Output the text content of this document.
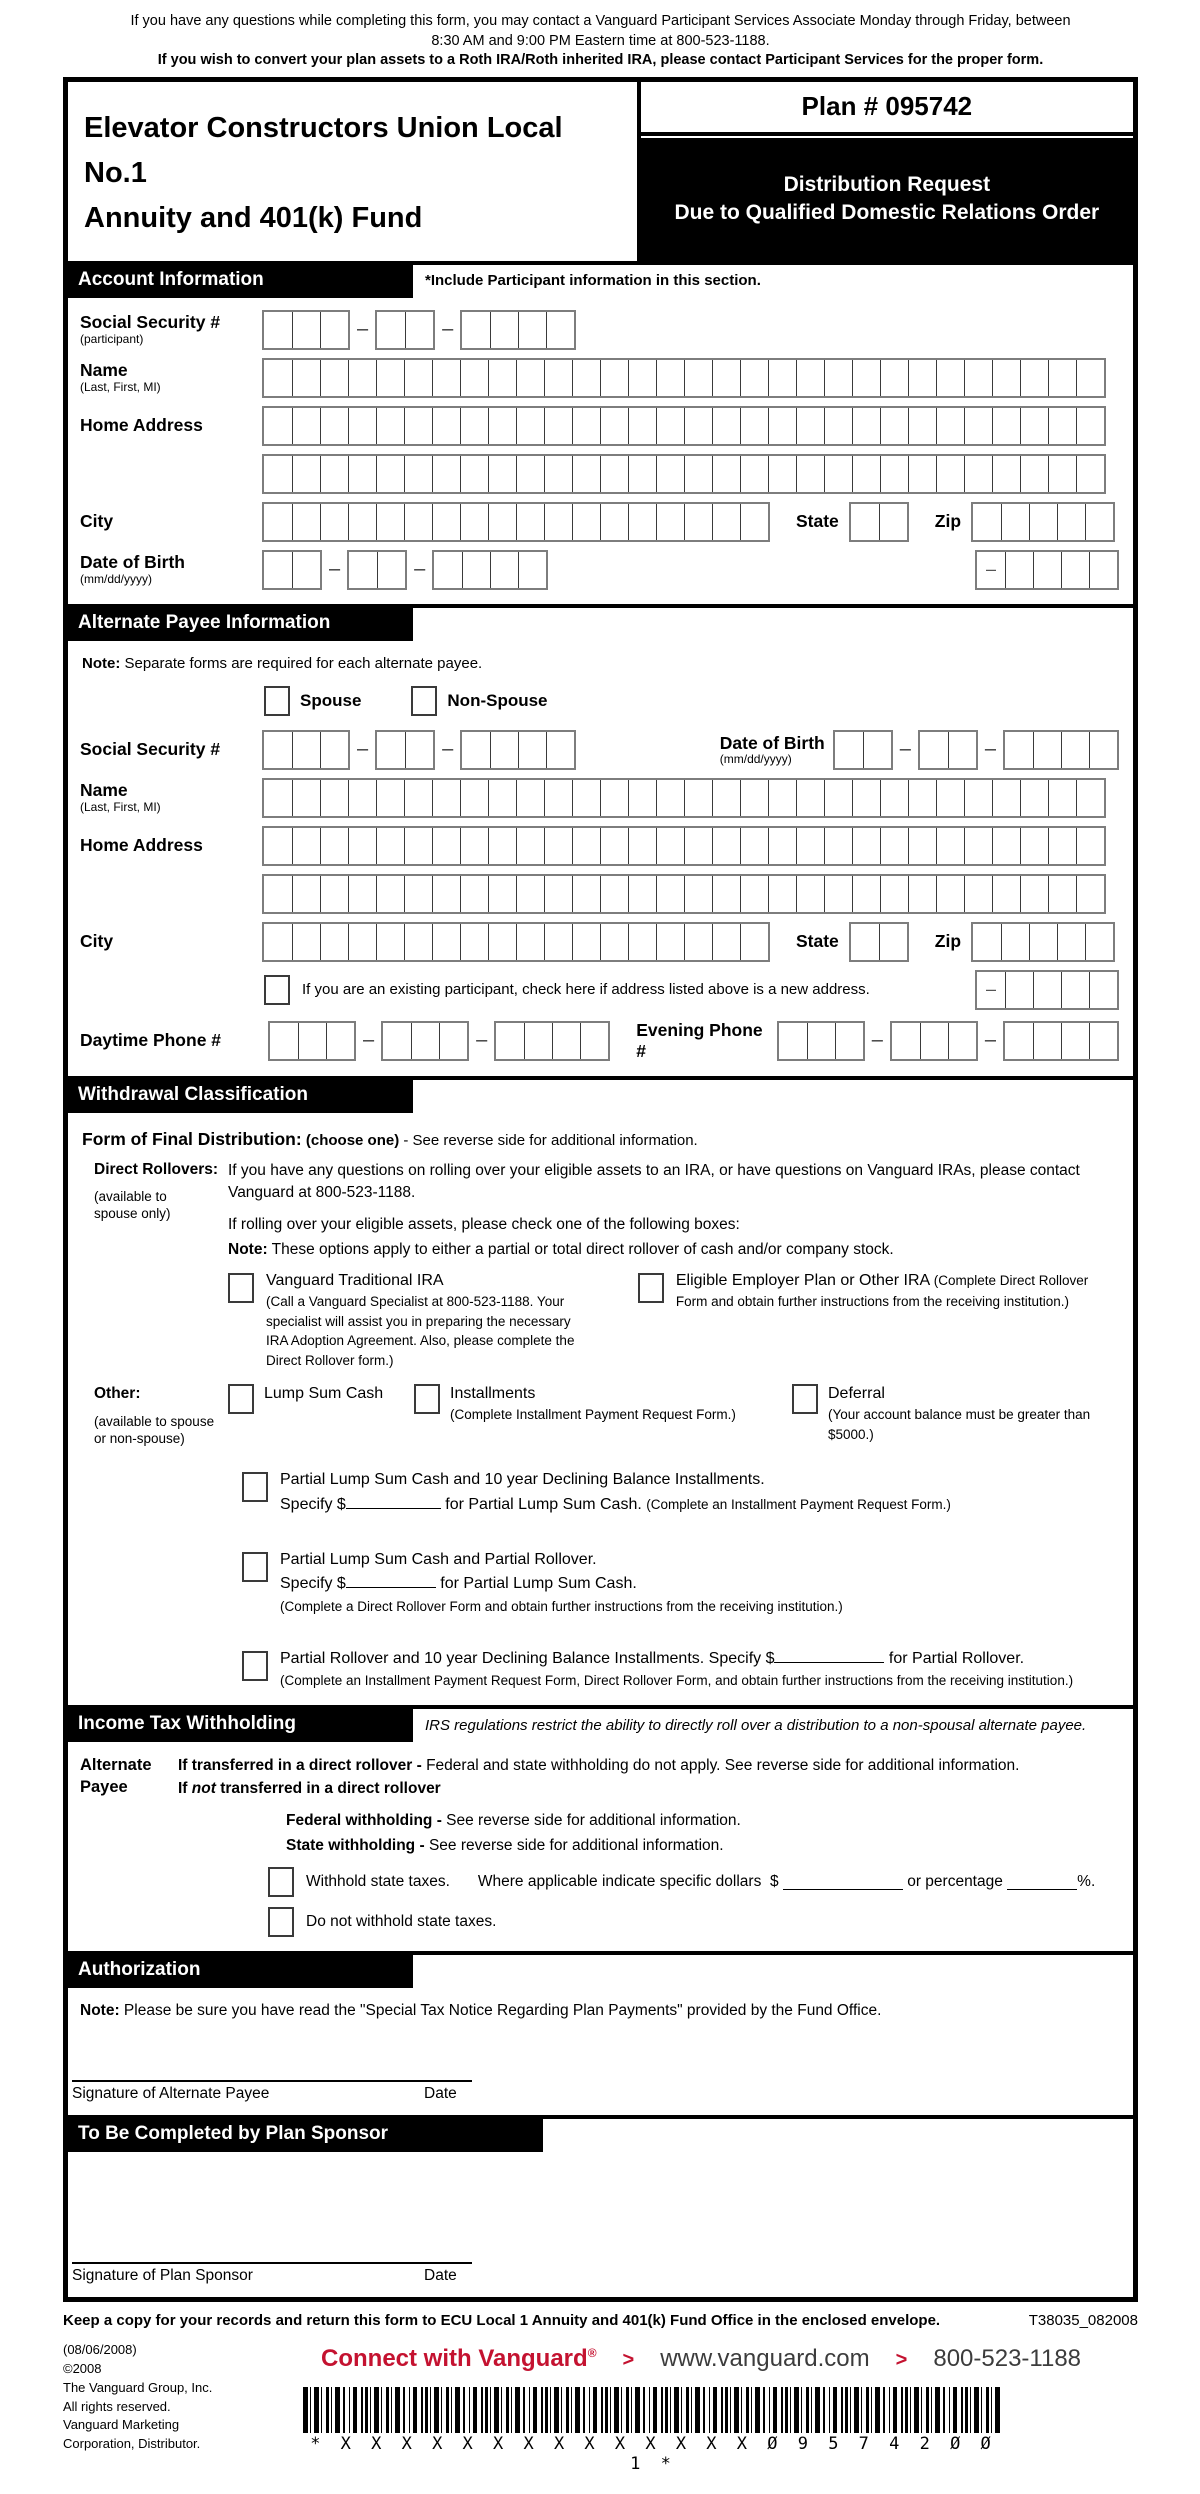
If you have any questions while completing this form, you may contact a Vanguard Participant Services Associate Monday through Friday, between
8:30 AM and 9:00 PM Eastern time at 800-523-1188.
If you wish to convert your plan assets to a Roth IRA/Roth inherited IRA, please contact Participant Services for the proper form.
Elevator Constructors Union Local No.1
Annuity and 401(k) Fund
Plan # 095742
Distribution Request
Due to Qualified Domestic Relations Order
Account Information	*Include Participant information in this section.
Social Security #
(participant)	–	–
Name
(Last, First, MI)
Home Address
City	State	Zip
Date of Birth
(mm/dd/yyyy)	–	–	–
Alternate Payee Information
Note: Separate forms are required for each alternate payee.
Spouse	Non-Spouse
Social Security #	–	–	Date of Birth
(mm/dd/yyyy)	–	–
Name
(Last, First, MI)
Home Address
City	State	Zip
If you are an existing participant, check here if address listed above is a new address.	–
Daytime Phone #	–	–	Evening Phone #	–	–
Withdrawal Classification
Form of Final Distribution: (choose one) - See reverse side for additional information.
Direct Rollovers:
(available to
spouse only)

If you have any questions on rolling over your eligible assets to an IRA, or have questions on Vanguard IRAs, please contact Vanguard at 800-523-1188.

If rolling over your eligible assets, please check one of the following boxes:

Note: These options apply to either a partial or total direct rollover of cash and/or company stock.

Vanguard Traditional IRA
(Call a Vanguard Specialist at 800-523-1188. Your specialist will assist you in preparing the necessary IRA Adoption Agreement. Also, please complete the Direct Rollover form.)
Eligible Employer Plan or Other IRA (Complete Direct Rollover Form and obtain further instructions from the receiving institution.)
Other:
(available to spouse
or non-spouse)
Lump Sum Cash	Installments
(Complete Installment Payment Request Form.)
Deferral
(Your account balance must be greater than $5000.)
Partial Lump Sum Cash and 10 year Declining Balance Installments.
Specify $	for Partial Lump Sum Cash. (Complete an Installment Payment Request Form.)
Partial Lump Sum Cash and Partial Rollover.
Specify $	for Partial Lump Sum Cash.
(Complete a Direct Rollover Form and obtain further instructions from the receiving institution.)
Partial Rollover and 10 year Declining Balance Installments. Specify $	for Partial Rollover.
(Complete an Installment Payment Request Form, Direct Rollover Form, and obtain further instructions from the receiving institution.)
Income Tax Withholding	IRS regulations restrict the ability to directly roll over a distribution to a non-spousal alternate payee.
Alternate
Payee
If transferred in a direct rollover - Federal and state withholding do not apply. See reverse side for additional information.
If not transferred in a direct rollover
Federal withholding - See reverse side for additional information.
State withholding - See reverse side for additional information.
Withhold state taxes. Where applicable indicate specific dollars
$

	or percentage
	%.
Do not withhold state taxes.
Authorization
Note: Please be sure you have read the "Special Tax Notice Regarding Plan Payments" provided by the Fund Office.
Signature of Alternate Payee	Date
To Be Completed by Plan Sponsor
Signature of Plan Sponsor	Date
Keep a copy for your records and return this form to ECU Local 1 Annuity and 401(k) Fund Office in the enclosed envelope.	T38035_082008
(08/06/2008)
©2008
The Vanguard Group, Inc.
All rights reserved.
Vanguard Marketing
Corporation, Distributor.
Connect with Vanguard® > www.vanguard.com > 800-523-1188
* X X X X X X X X X X X X X X Ø 9 5 7 4 2 Ø Ø 1 *
